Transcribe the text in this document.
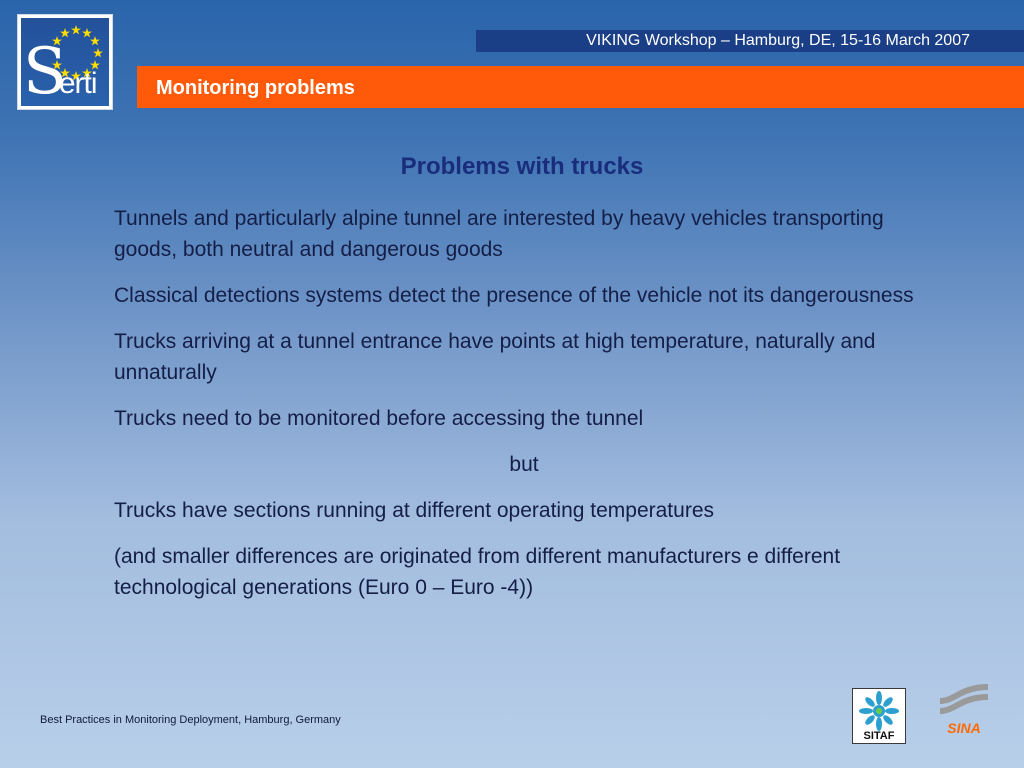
Serti
VIKING Workshop – Hamburg, DE, 15-16 March 2007
Monitoring problems
Problems with trucks

Tunnels and particularly alpine tunnel are interested by heavy vehicles transporting goods, both neutral and dangerous goods

Classical detections systems detect the presence of the vehicle not its dangerousness

Trucks arriving at a tunnel entrance have points at high temperature, naturally and unnaturally

Trucks need to be monitored before accessing the tunnel

but

Trucks have sections running at different operating temperatures

(and smaller differences are originated from different manufacturers e different technological generations (Euro 0 – Euro -4))

Best Practices in Monitoring Deployment, Hamburg, Germany
SITAF	SINA
